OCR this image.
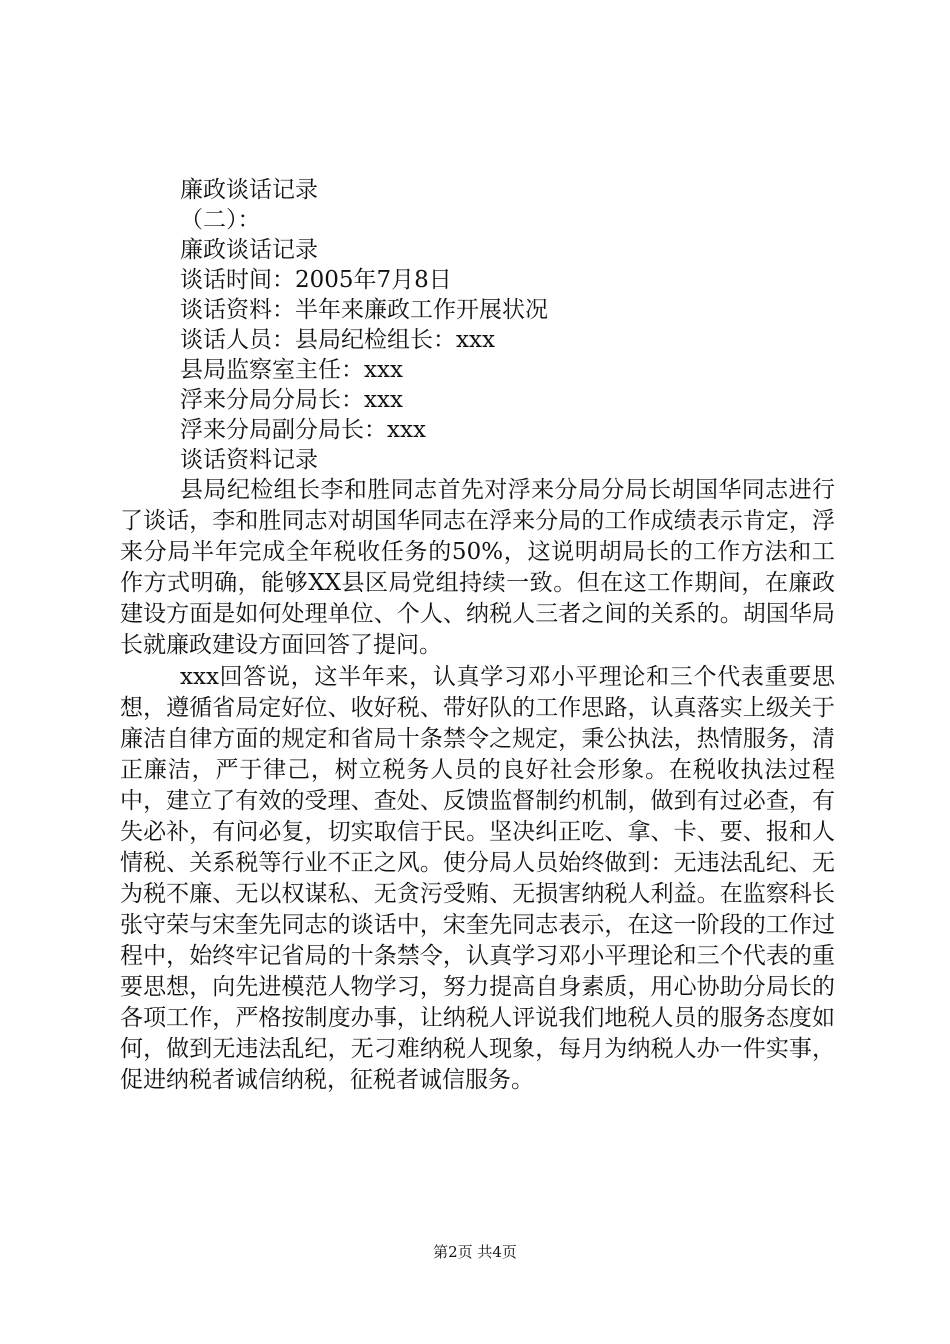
廉政谈话记录
（二）：
廉政谈话记录
谈话时间：2005年7月8日
谈话资料：半年来廉政工作开展状况
谈话人员：县局纪检组长：xxx
县局监察室主任：xxx
浮来分局分局长：xxx
浮来分局副分局长：xxx
谈话资料记录

县局纪检组长李和胜同志首先对浮来分局分局长胡国华同志进行了谈话，李和胜同志对胡国华同志在浮来分局的工作成绩表示肯定，浮来分局半年完成全年税收任务的50%，这说明胡局长的工作方法和工作方式明确，能够XX县区局党组持续一致。但在这工作期间，在廉政建设方面是如何处理单位、个人、纳税人三者之间的关系的。胡国华局长就廉政建设方面回答了提问。

xxx回答说，这半年来，认真学习邓小平理论和三个代表重要思想，遵循省局定好位、收好税、带好队的工作思路，认真落实上级关于廉洁自律方面的规定和省局十条禁令之规定，秉公执法，热情服务，清正廉洁，严于律己，树立税务人员的良好社会形象。在税收执法过程中，建立了有效的受理、查处、反馈监督制约机制，做到有过必查，有失必补，有问必复，切实取信于民。坚决纠正吃、拿、卡、要、报和人情税、关系税等行业不正之风。使分局人员始终做到：无违法乱纪、无为税不廉、无以权谋私、无贪污受贿、无损害纳税人利益。在监察科长张守荣与宋奎先同志的谈话中，宋奎先同志表示，在这一阶段的工作过程中，始终牢记省局的十条禁令，认真学习邓小平理论和三个代表的重要思想，向先进模范人物学习，努力提高自身素质，用心协助分局长的各项工作，严格按制度办事，让纳税人评说我们地税人员的服务态度如何，做到无违法乱纪，无刁难纳税人现象，每月为纳税人办一件实事，促进纳税者诚信纳税，征税者诚信服务。

第2页 共4页
